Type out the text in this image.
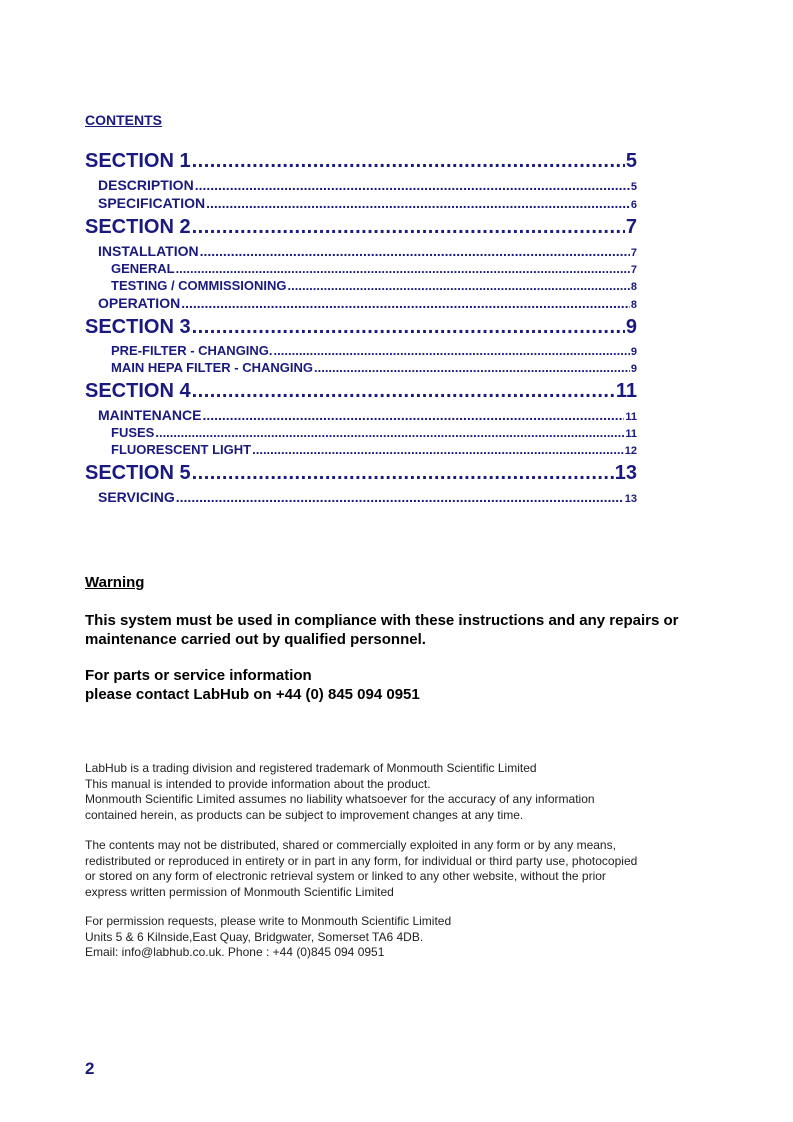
CONTENTS
SECTION 1 .....	5
DESCRIPTION .....	5
SPECIFICATION .....	6
SECTION 2 .....	7
INSTALLATION .....	7
GENERAL .....	7
TESTING / COMMISSIONING .....	8
OPERATION .....	8
SECTION 3 .....	9
PRE-FILTER - CHANGING. .....	9
MAIN HEPA FILTER - CHANGING .....	9
SECTION 4 .....	11
MAINTENANCE .....	11
FUSES .....	11
FLUORESCENT LIGHT .....	12
SECTION 5 .....	13
SERVICING .....	13
Warning

This system must be used in compliance with these instructions and any repairs or maintenance carried out by qualified personnel.

For parts or service information

please contact LabHub on +44 (0) 845 094 0951

LabHub is a trading division and registered trademark of Monmouth Scientific Limited

This manual is intended to provide information about the product.

Monmouth Scientific Limited assumes no liability whatsoever for the accuracy of any information

contained herein, as products can be subject to improvement changes at any time.

The contents may not be distributed, shared or commercially exploited in any form or by any means,

redistributed or reproduced in entirety or in part in any form, for individual or third party use, photocopied

or stored on any form of electronic retrieval system or linked to any other website, without the prior

express written permission of Monmouth Scientific Limited

For permission requests, please write to Monmouth Scientific Limited

Units 5 & 6 Kilnside,East Quay, Bridgwater, Somerset TA6 4DB.

Email: info@labhub.co.uk. Phone : +44 (0)845 094 0951

2
